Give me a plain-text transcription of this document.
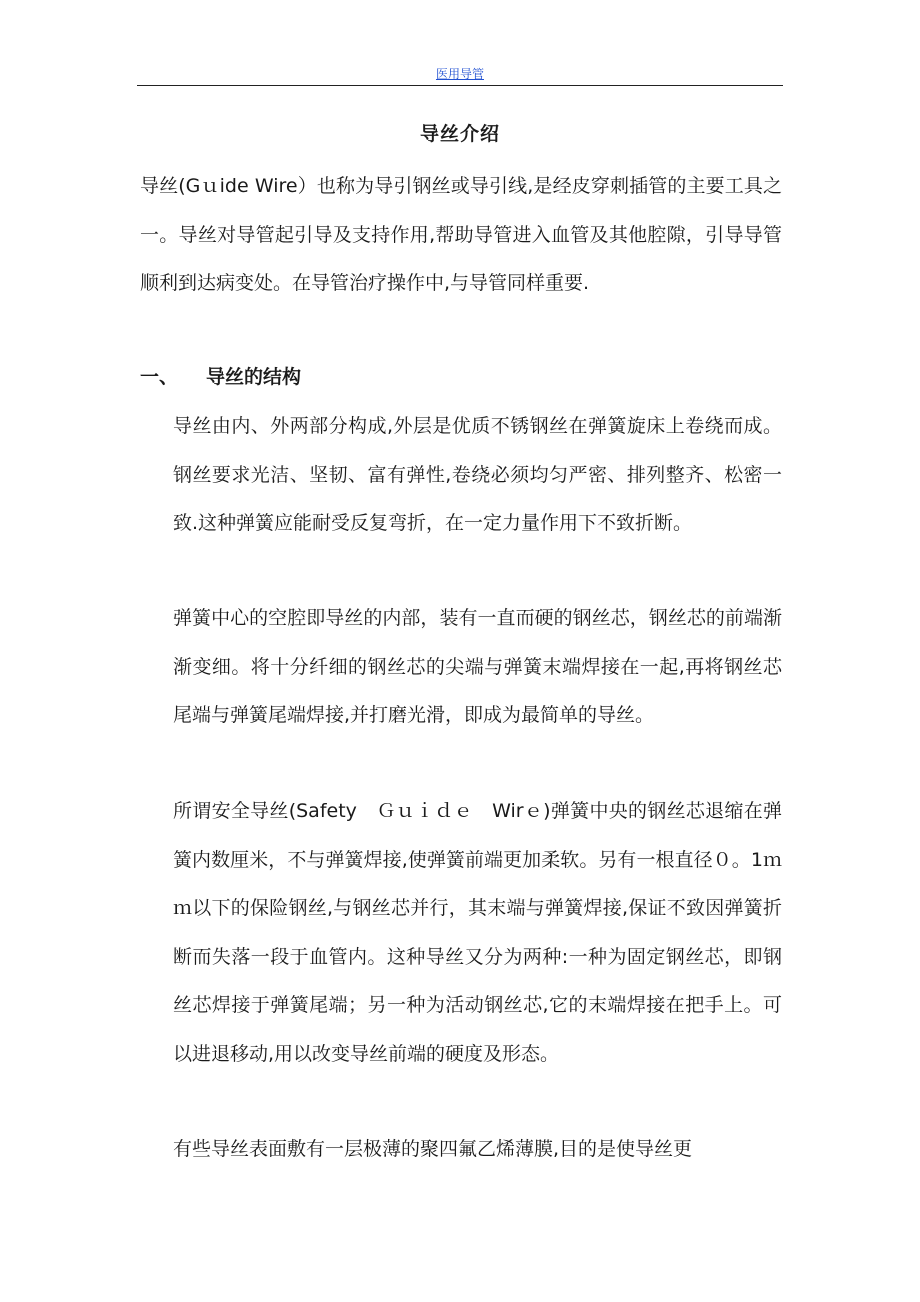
医用导管
导丝介绍

导丝(Gｕide Wire）也称为导引钢丝或导引线,是经皮穿刺插管的主要工具之一。导丝对导管起引导及支持作用,帮助导管进入血管及其他腔隙，引导导管顺利到达病变处。在导管治疗操作中,与导管同样重要.

一、 导丝的结构

导丝由内、外两部分构成,外层是优质不锈钢丝在弹簧旋床上卷绕而成。钢丝要求光洁、坚韧、富有弹性,卷绕必须均匀严密、排列整齐、松密一致.这种弹簧应能耐受反复弯折，在一定力量作用下不致折断。

弹簧中心的空腔即导丝的内部，装有一直而硬的钢丝芯，钢丝芯的前端渐渐变细。将十分纤细的钢丝芯的尖端与弹簧末端焊接在一起,再将钢丝芯尾端与弹簧尾端焊接,并打磨光滑，即成为最简单的导丝。

所谓安全导丝(Safety　Ｇｕｉｄｅ　Wirｅ)弹簧中央的钢丝芯退缩在弹簧内数厘米，不与弹簧焊接,使弹簧前端更加柔软。另有一根直径０。1ｍｍ以下的保险钢丝,与钢丝芯并行，其末端与弹簧焊接,保证不致因弹簧折断而失落一段于血管内。这种导丝又分为两种:一种为固定钢丝芯，即钢丝芯焊接于弹簧尾端；另一种为活动钢丝芯,它的末端焊接在把手上。可以进退移动,用以改变导丝前端的硬度及形态。

有些导丝表面敷有一层极薄的聚四氟乙烯薄膜,目的是使导丝更
